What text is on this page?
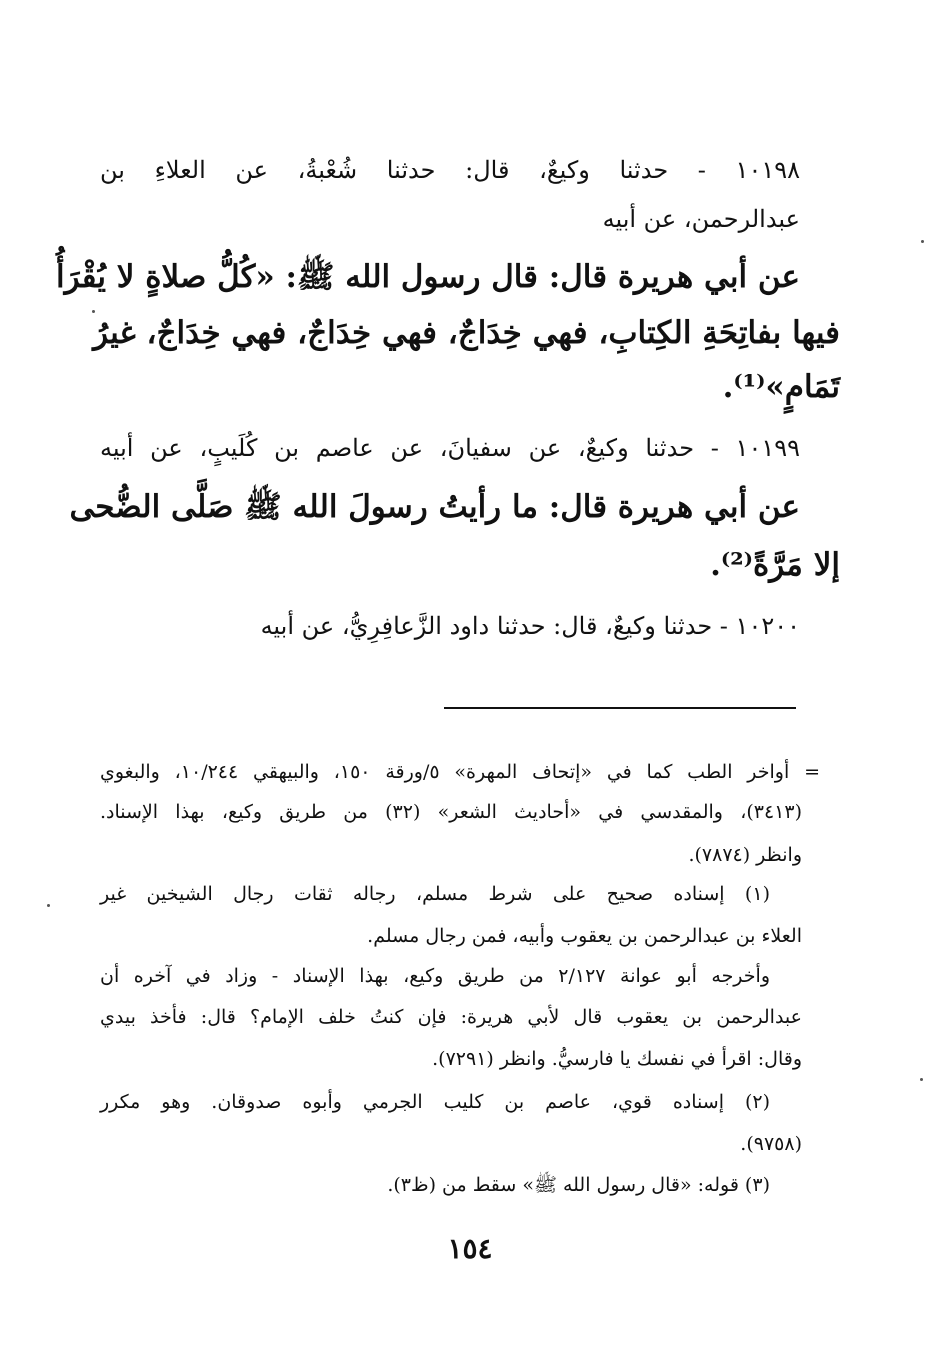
١٠١٩٨ - حدثنا وكيعٌ، قال: حدثنا شُعْبةُ، عن العلاءِ بن
عبدالرحمن، عن أبيه
عن أبي هريرة قال: قال رسول الله ﷺ: «كُلُّ صلاةٍ لا يُقْرَأُ
فيها بفاتِحَةِ الكِتابِ، فهي خِدَاجٌ، فهي خِدَاجٌ، فهي خِدَاجٌ، غيرُ
تَمَامٍ»⁽¹⁾.
١٠١٩٩ - حدثنا وكيعٌ، عن سفيانَ، عن عاصم بن كُلَيبٍ، عن أبيه
عن أبي هريرة قال: ما رأيتُ رسولَ الله ﷺ صَلَّى الضُّحى
إلا مَرَّةً⁽²⁾.
١٠٢٠٠ - حدثنا وكيعٌ، قال: حدثنا داود الزَّعافِرِيُّ، عن أبيه
= أواخر الطب كما في «إتحاف المهرة» ٥/ورقة ١٥٠، والبيهقي ١٠/٢٤٤، والبغوي
(٣٤١٣)، والمقدسي في «أحاديث الشعر» (٣٢) من طريق وكيع، بهذا الإسناد.
وانظر (٧٨٧٤).
(١) إسناده صحيح على شرط مسلم، رجاله ثقات رجال الشيخين غير
العلاء بن عبدالرحمن بن يعقوب وأبيه، فمن رجال مسلم.
وأخرجه أبو عوانة ٢/١٢٧ من طريق وكيع، بهذا الإسناد - وزاد في آخره أن
عبدالرحمن بن يعقوب قال لأبي هريرة: فإن كنتُ خلف الإمام؟ قال: فأخذ بيدي
وقال: اقرأ في نفسك يا فارسيُّ. وانظر (٧٢٩١).
(٢) إسناده قوي، عاصم بن كليب الجرمي وأبوه صدوقان. وهو مكرر
(٩٧٥٨).
(٣) قوله: «قال رسول الله ﷺ» سقط من (ظ٣).
١٥٤
